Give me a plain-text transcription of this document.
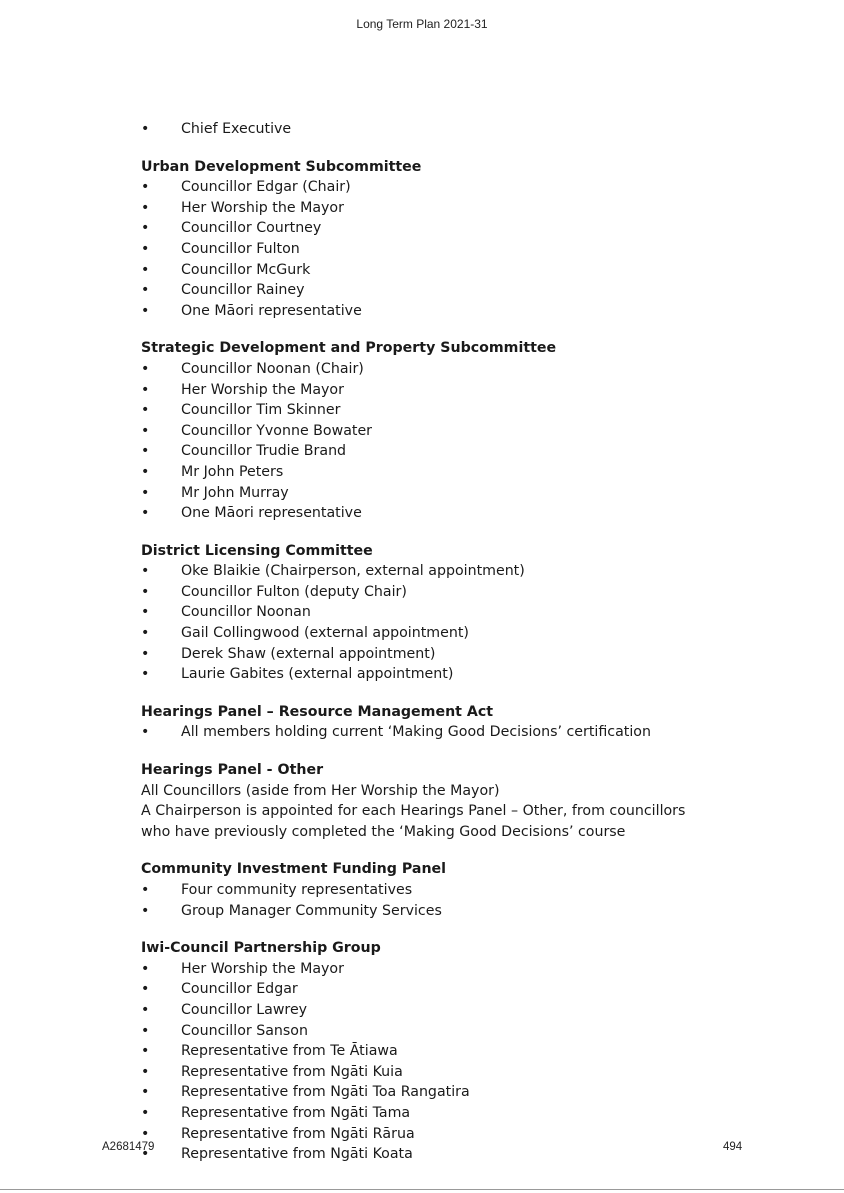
Long Term Plan 2021-31
• Chief Executive
Urban Development Subcommittee
• Councillor Edgar (Chair)
• Her Worship the Mayor
• Councillor Courtney
• Councillor Fulton
• Councillor McGurk
• Councillor Rainey
• One Māori representative
Strategic Development and Property Subcommittee
• Councillor Noonan (Chair)
• Her Worship the Mayor
• Councillor Tim Skinner
• Councillor Yvonne Bowater
• Councillor Trudie Brand
• Mr John Peters
• Mr John Murray
• One Māori representative
District Licensing Committee
• Oke Blaikie (Chairperson, external appointment)
• Councillor Fulton (deputy Chair)
• Councillor Noonan
• Gail Collingwood (external appointment)
• Derek Shaw (external appointment)
• Laurie Gabites (external appointment)
Hearings Panel – Resource Management Act
• All members holding current ‘Making Good Decisions’ certification
Hearings Panel - Other
All Councillors (aside from Her Worship the Mayor)
A Chairperson is appointed for each Hearings Panel – Other, from councillors
who have previously completed the ‘Making Good Decisions’ course
Community Investment Funding Panel
• Four community representatives
• Group Manager Community Services
Iwi-Council Partnership Group
• Her Worship the Mayor
• Councillor Edgar
• Councillor Lawrey
• Councillor Sanson
• Representative from Te Ātiawa
• Representative from Ngāti Kuia
• Representative from Ngāti Toa Rangatira
• Representative from Ngāti Tama
• Representative from Ngāti Rārua
• Representative from Ngāti Koata
A2681479	494
